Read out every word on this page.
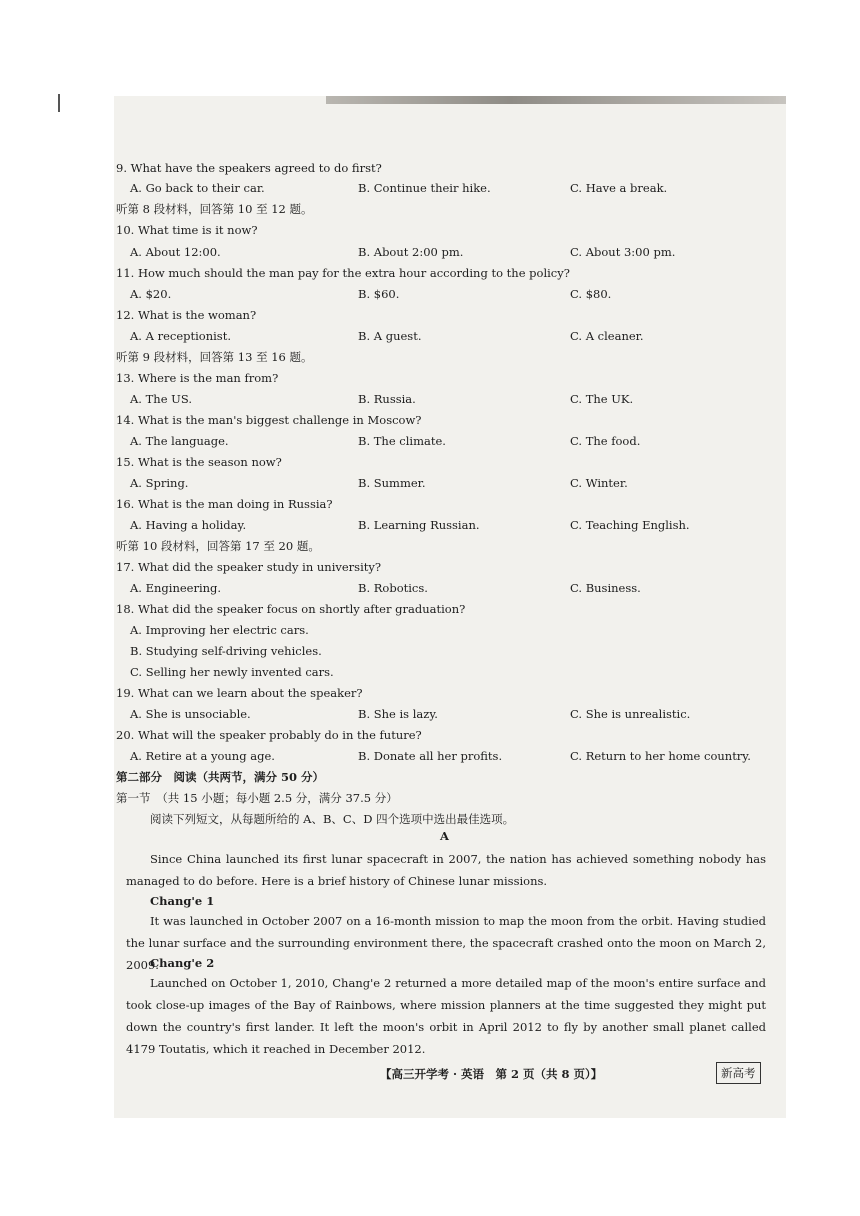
9. What have the speakers agreed to do first?
A. Go back to their car.	B. Continue their hike.	C. Have a break.
听第 8 段材料，回答第 10 至 12 题。
10. What time is it now?
A. About 12:00.	B. About 2:00 pm.	C. About 3:00 pm.
11. How much should the man pay for the extra hour according to the policy?
A. $20.	B. $60.	C. $80.
12. What is the woman?
A. A receptionist.	B. A guest.	C. A cleaner.
听第 9 段材料，回答第 13 至 16 题。
13. Where is the man from?
A. The US.	B. Russia.	C. The UK.
14. What is the man's biggest challenge in Moscow?
A. The language.	B. The climate.	C. The food.
15. What is the season now?
A. Spring.	B. Summer.	C. Winter.
16. What is the man doing in Russia?
A. Having a holiday.	B. Learning Russian.	C. Teaching English.
听第 10 段材料，回答第 17 至 20 题。
17. What did the speaker study in university?
A. Engineering.	B. Robotics.	C. Business.
18. What did the speaker focus on shortly after graduation?
A. Improving her electric cars.
B. Studying self-driving vehicles.
C. Selling her newly invented cars.
19. What can we learn about the speaker?
A. She is unsociable.	B. She is lazy.	C. She is unrealistic.
20. What will the speaker probably do in the future?
A. Retire at a young age.	B. Donate all her profits.	C. Return to her home country.
第二部分　阅读（共两节，满分 50 分）
第一节　（共 15 小题；每小题 2.5 分，满分 37.5 分）
阅读下列短文，从每题所给的 A、B、C、D 四个选项中选出最佳选项。
A
Since China launched its first lunar spacecraft in 2007, the nation has achieved something nobody has managed to do before. Here is a brief history of Chinese lunar missions.
Chang'e 1
It was launched in October 2007 on a 16-month mission to map the moon from the orbit. Having studied the lunar surface and the surrounding environment there, the spacecraft crashed onto the moon on March 2, 2009.
Chang'e 2
Launched on October 1, 2010, Chang'e 2 returned a more detailed map of the moon's entire surface and took close-up images of the Bay of Rainbows, where mission planners at the time suggested they might put down the country's first lander. It left the moon's orbit in April 2012 to fly by another small planet called 4179 Toutatis, which it reached in December 2012.
【高三开学考 · 英语　第 2 页（共 8 页）】	新高考
